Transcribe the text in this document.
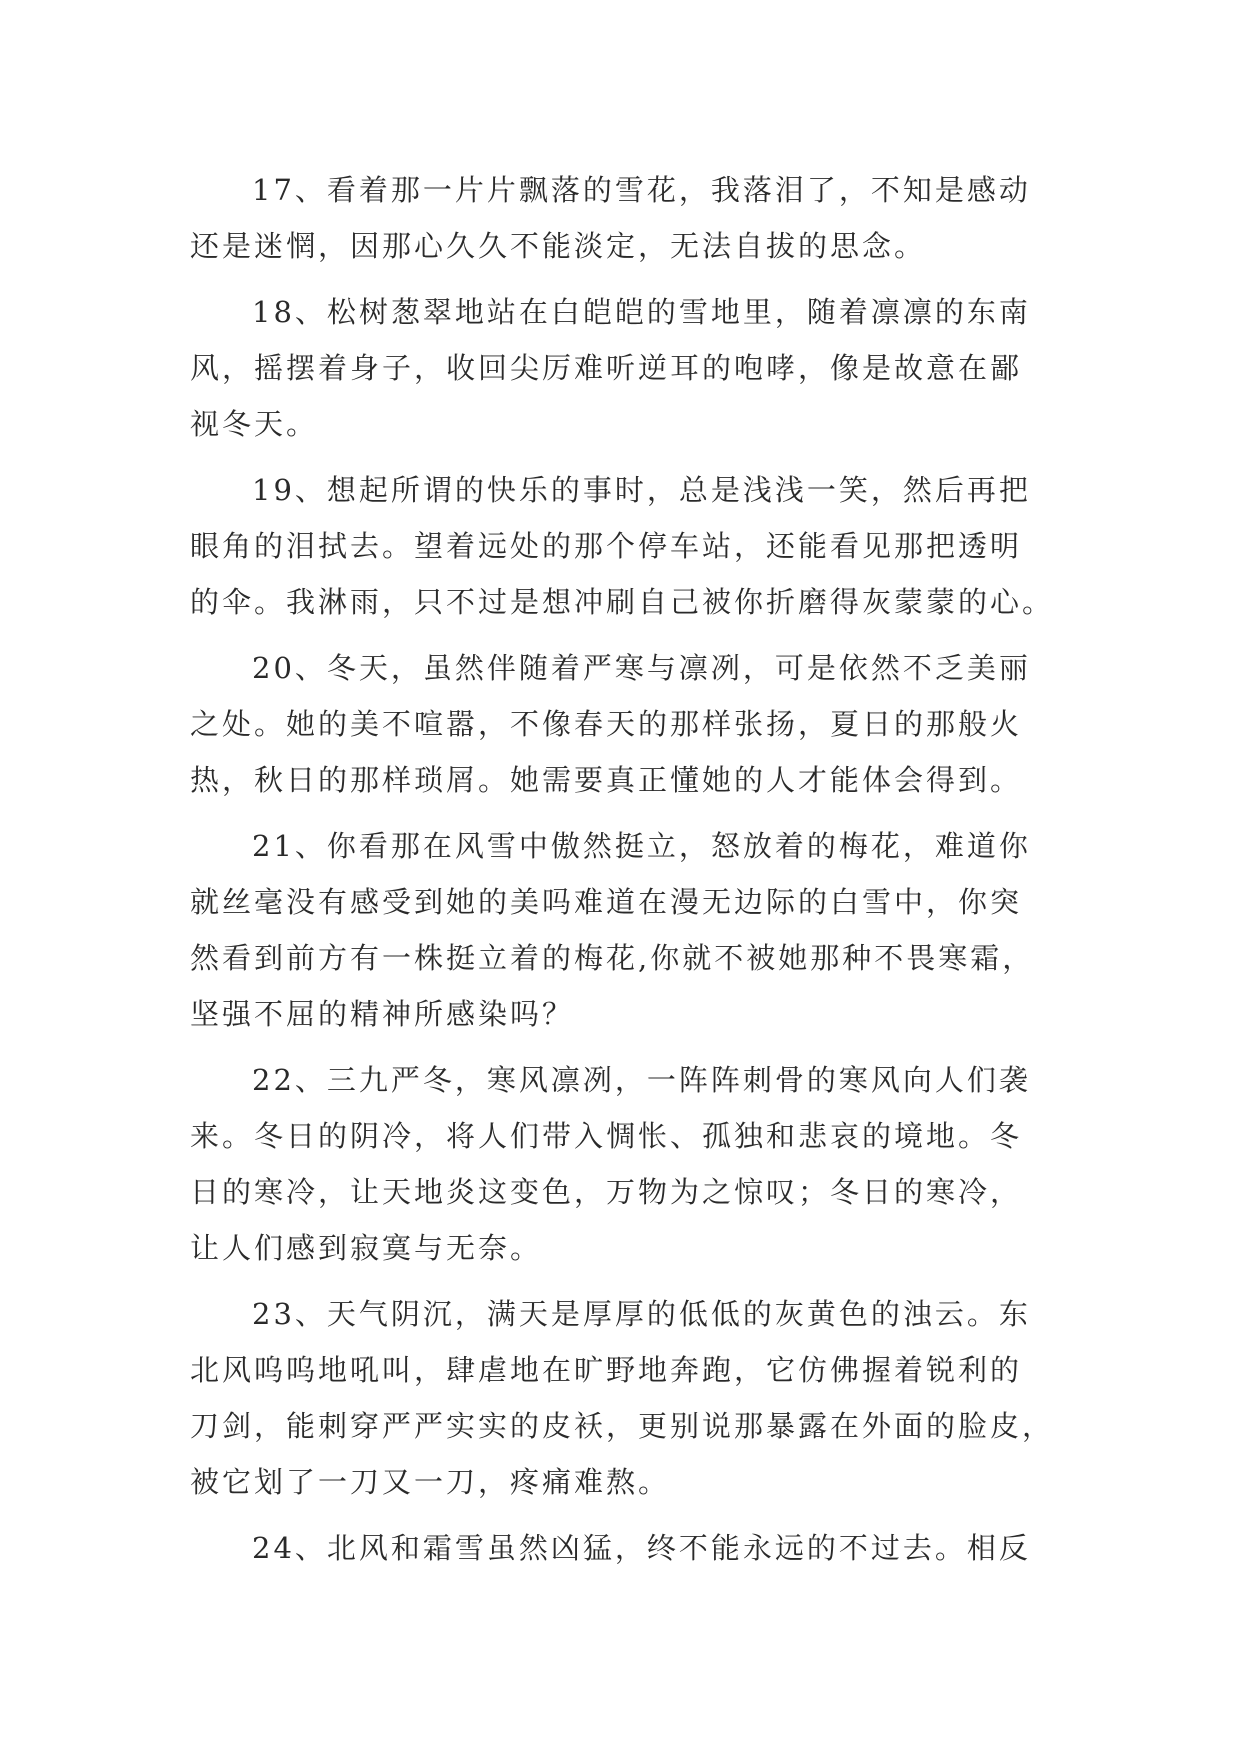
17、看着那一片片飘落的雪花，我落泪了，不知是感动
还是迷惘，因那心久久不能淡定，无法自拔的思念。

18、松树葱翠地站在白皑皑的雪地里，随着凛凛的东南
风，摇摆着身子，收回尖厉难听逆耳的咆哮，像是故意在鄙
视冬天。

19、想起所谓的快乐的事时，总是浅浅一笑，然后再把
眼角的泪拭去。望着远处的那个停车站，还能看见那把透明
的伞。我淋雨，只不过是想冲刷自己被你折磨得灰蒙蒙的心。

20、冬天，虽然伴随着严寒与凛冽，可是依然不乏美丽
之处。她的美不喧嚣，不像春天的那样张扬，夏日的那般火
热，秋日的那样琐屑。她需要真正懂她的人才能体会得到。

21、你看那在风雪中傲然挺立，怒放着的梅花，难道你
就丝毫没有感受到她的美吗难道在漫无边际的白雪中，你突
然看到前方有一株挺立着的梅花,你就不被她那种不畏寒霜，
坚强不屈的精神所感染吗？

22、三九严冬，寒风凛冽，一阵阵刺骨的寒风向人们袭
来。冬日的阴冷，将人们带入惆怅、孤独和悲哀的境地。冬
日的寒冷，让天地炎这变色，万物为之惊叹；冬日的寒冷，
让人们感到寂寞与无奈。

23、天气阴沉，满天是厚厚的低低的灰黄色的浊云。东
北风呜呜地吼叫，肆虐地在旷野地奔跑，它仿佛握着锐利的
刀剑，能刺穿严严实实的皮袄，更别说那暴露在外面的脸皮，
被它划了一刀又一刀，疼痛难熬。

24、北风和霜雪虽然凶猛，终不能永远的不过去。相反
